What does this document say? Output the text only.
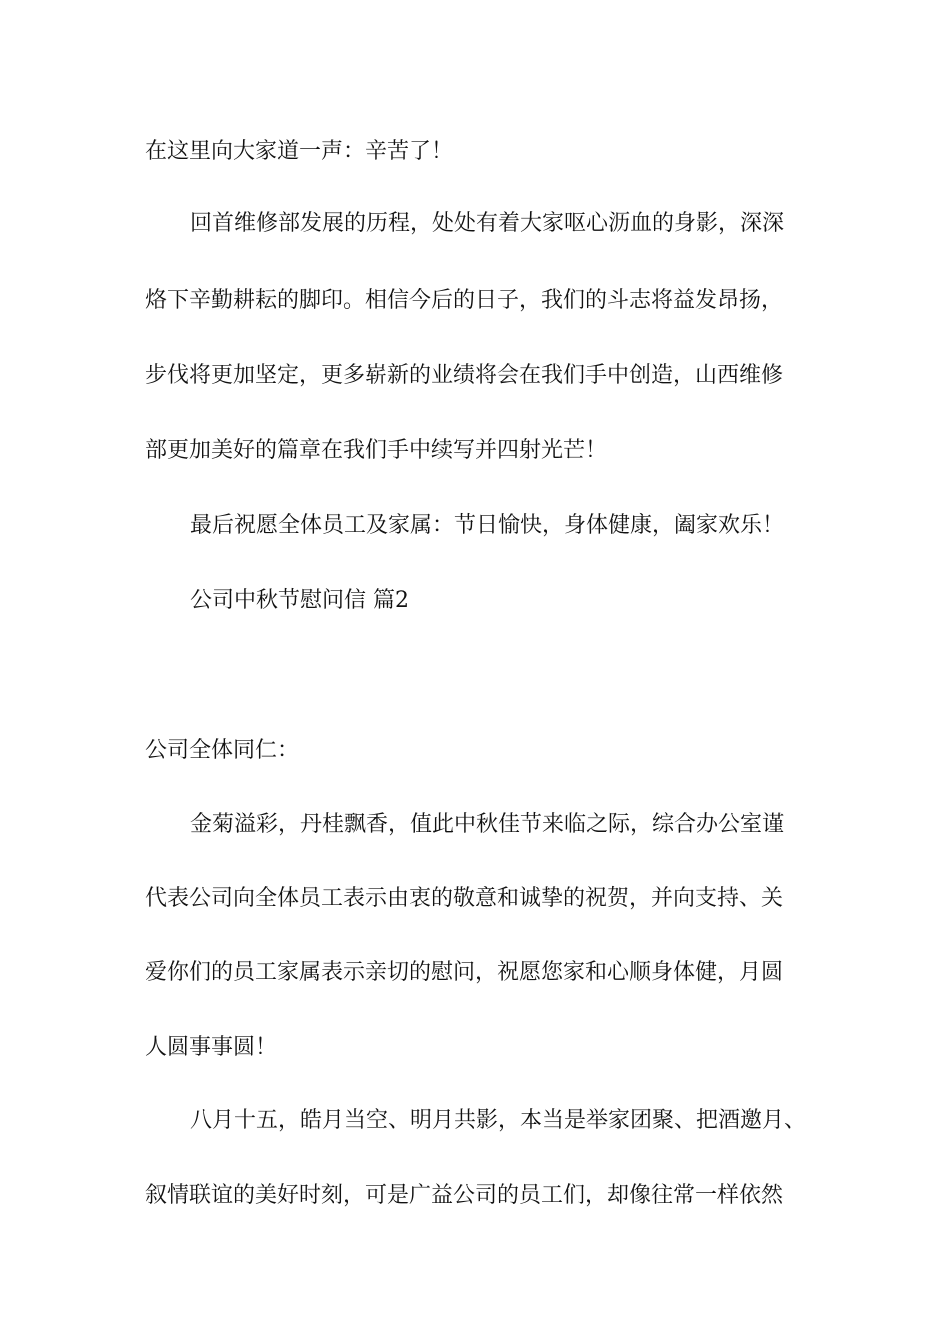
在这里向大家道一声：辛苦了！

回首维修部发展的历程，处处有着大家呕心沥血的身影，深深

烙下辛勤耕耘的脚印。相信今后的日子，我们的斗志将益发昂扬，

步伐将更加坚定，更多崭新的业绩将会在我们手中创造，山西维修

部更加美好的篇章在我们手中续写并四射光芒！

最后祝愿全体员工及家属：节日愉快，身体健康，阖家欢乐！

公司中秋节慰问信 篇2

公司全体同仁：

金菊溢彩，丹桂飘香，值此中秋佳节来临之际，综合办公室谨

代表公司向全体员工表示由衷的敬意和诚挚的祝贺，并向支持、关

爱你们的员工家属表示亲切的慰问，祝愿您家和心顺身体健，月圆

人圆事事圆！

八月十五，皓月当空、明月共影，本当是举家团聚、把酒邀月、

叙情联谊的美好时刻，可是广益公司的员工们，却像往常一样依然
